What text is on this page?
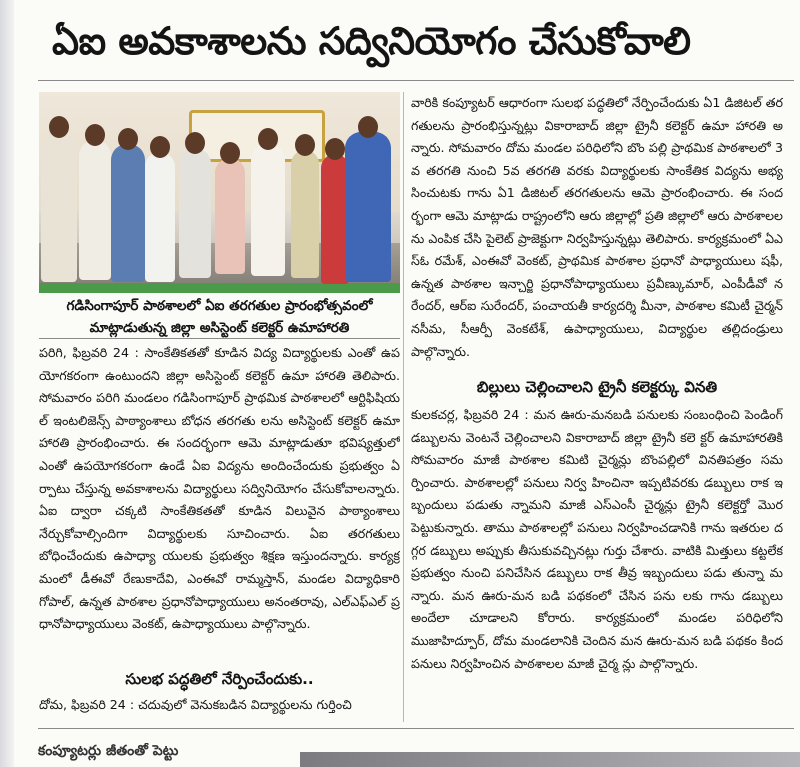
ఏఐ అవకాశాలను సద్వినియోగం చేసుకోవాలి
గడిసింగాపూర్ పాఠశాలలో ఏఐ తరగతుల ప్రారంభోత్సవంలో మాట్లాడుతున్న జిల్లా అసిస్టెంట్ కలెక్టర్ ఉమాహారతి
పరిగి, ఫిబ్రవరి 24 : సాంకేతికతతో కూడిన విద్య విద్యార్థులకు ఎంతో ఉపయోగకరంగా ఉంటుందని జిల్లా అసిస్టెంట్ కలెక్టర్ ఉమా హారతి తెలిపారు. సోమవారం పరిగి మండలం గడిసింగాపూర్ ప్రాథమిక పాఠశాలలో ఆర్టిఫిషియల్ ఇంటలిజెన్స్ పాఠ్యాంశాలు బోధన తరగతు లను అసిస్టెంట్ కలెక్టర్ ఉమా హారతి ప్రారంభించారు. ఈ సందర్భంగా ఆమె మాట్లాడుతూ భవిష్యత్తులో ఎంతో ఉపయోగకరంగా ఉండే ఏఐ విద్యను అందించేందుకు ప్రభుత్వం ఏర్పాటు చేస్తున్న అవకాశాలను విద్యార్థులు సద్వినియోగం చేసుకోవాలన్నారు. ఏఐ ద్వారా చక్కటి సాంకేతికతతో కూడిన విలువైన పాఠ్యాంశాలు నేర్చుకోవాల్సిందిగా విద్యార్థులకు సూచించారు. ఏఐ తరగతులు బోధించేందుకు ఉపాధ్యా యులకు ప్రభుత్వం శిక్షణ ఇస్తుందన్నారు. కార్యక్రమంలో డీఈవో రేణుకాదేవి, ఎంఈవో రామ్మస్తాన్, మండల విద్యాధికారి గోపాల్, ఉన్నత పాఠశాల ప్రధానోపాధ్యాయులు అనంతరావు, ఎల్ఎఫ్ఎల్ ప్రధానోపాధ్యాయులు వెంకట్, ఉపాధ్యాయులు పాల్గొన్నారు.
సులభ పద్ధతిలో నేర్పించేందుకు..
దోమ, ఫిబ్రవరి 24 : చదువులో వెనుకబడిన విద్యార్థులను గుర్తించి
వారికి కంప్యూటర్ ఆధారంగా సులభ పద్ధతిలో నేర్పించేందుకు ఏ1 డిజిటల్ తరగతులను ప్రారంభిస్తున్నట్లు వికారాబాద్ జిల్లా ట్రైనీ కలెక్టర్ ఉమా హారతి అన్నారు. సోమవారం దోమ మండల పరిధిలోని బొం పల్లి ప్రాథమిక పాఠశాలలో 3వ తరగతి నుంచి 5వ తరగతి వరకు విద్యార్థులకు సాంకేతిక విద్యను అభ్యసించుటకు గాను ఏ1 డిజిటల్ తరగతులను ఆమె ప్రారంభించారు. ఈ సందర్భంగా ఆమె మాట్లాడు రాష్ట్రంలోని ఆరు జిల్లాల్లో ప్రతి జిల్లాలో ఆరు పాఠశాలలను ఎంపిక చేసి పైలెట్ ప్రాజెక్టుగా నిర్వహిస్తున్నట్లు తెలిపారు. కార్యక్రమంలో ఏఎస్ఓ రమేశ్, ఎంఈవో వెంకట్, ప్రాథమిక పాఠశాల ప్రధానో పాధ్యాయులు షఫీ, ఉన్నత పాఠశాల ఇన్చార్జి ప్రధానోపాధ్యాయులు ప్రవీణ్కుమార్, ఎంపీడీవో నరేందర్, ఆర్ఐ సురేందర్, పంచాయతీ కార్యదర్శి మీనా, పాఠశాల కమిటీ చైర్మన్ నసీమ, సీఆర్పీ వెంకటేశ్, ఉపాధ్యాయులు, విద్యార్థుల తల్లిదండ్రులు పాల్గొన్నారు.
బిల్లులు చెల్లించాలని ట్రైనీ కలెక్టర్కు వినతి
కులకచర్ల, ఫిబ్రవరి 24 : మన ఊరు-మనబడి పనులకు సంబంధించి పెండింగ్ డబ్బులను వెంటనే చెల్లించాలని వికారాబాద్ జిల్లా ట్రైనీ కలె క్టర్ ఉమాహారతికి సోమవారం మాజీ పాఠశాల కమిటి చైర్మన్లు బొంపల్లిలో వినతిపత్రం సమర్పించారు. పాఠశాలల్లో పనులు నిర్వ హించినా ఇప్పటివరకు డబ్బులు రాక ఇబ్బందులు పడుతు న్నామని మాజీ ఎస్ఎంసీ చైర్మన్లు ట్రైనీ కలెక్టర్తో మొరపెట్టుకున్నారు. తాము పాఠశాలల్లో పనులు నిర్వహించడానికి గాను ఇతరుల దగ్గర డబ్బులు అప్పుకు తీసుకువచ్చినట్లు గుర్తు చేశారు. వాటికి మిత్తులు కట్టలేక ప్రభుత్వం నుంచి పనిచేసిన డబ్బులు రాక తీవ్ర ఇబ్బందులు పడు తున్నా మన్నారు. మన ఊరు-మన బడి పథకంలో చేసిన పను లకు గాను డబ్బులు అందేలా చూడాలని కోరారు. కార్యక్రమంలో మండల పరిధిలోని ముజాహిద్పూర్, దోమ మండలానికి చెందిన మన ఊరు-మన బడి పథకం కింద పనులు నిర్వహించిన పాఠశాలల మాజీ చైర్మ న్లు పాల్గొన్నారు.
కంప్యూటర్లు జీతంతో పెట్టు
